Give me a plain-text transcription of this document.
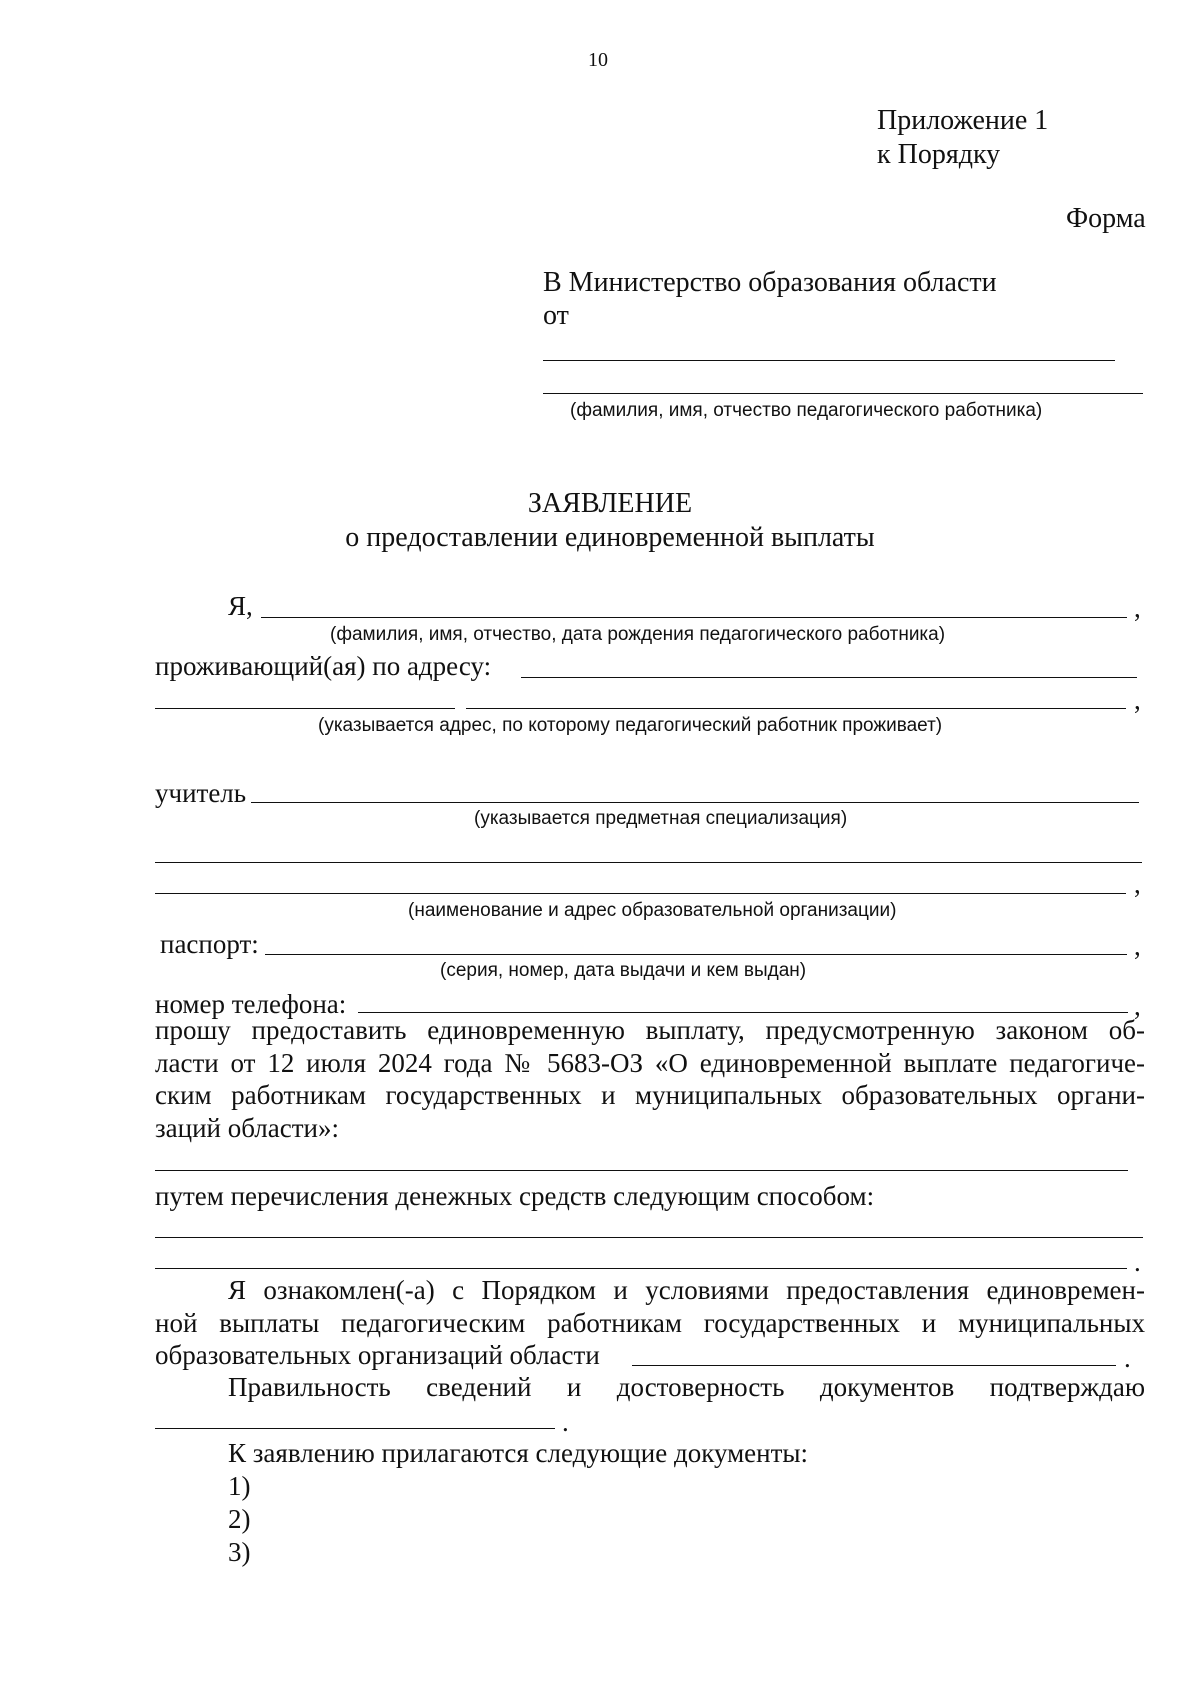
10
Приложение 1
к Порядку
Форма
В Министерство образования области
от
(фамилия, имя, отчество педагогического работника)
ЗАЯВЛЕНИЕ
о предоставлении единовременной выплаты
Я,	,
(фамилия, имя, отчество, дата рождения педагогического работника)
проживающий(ая) по адресу:
,
(указывается адрес, по которому педагогический работник проживает)
учитель
(указывается предметная специализация)
,
(наименование и адрес образовательной организации)
паспорт:	,
(серия, номер, дата выдачи и кем выдан)
номер телефона:	,
прошу предоставить единовременную выплату, предусмотренную законом об-
ласти от 12 июля 2024 года № 5683-ОЗ «О единовременной выплате педагогиче-
ским работникам государственных и муниципальных образовательных органи-
заций области»:
путем перечисления денежных средств следующим способом:
.
Я ознакомлен(-а) с Порядком и условиями предоставления единовремен-
ной выплаты педагогическим работникам государственных и муниципальных
образовательных организаций области	.
Правильность сведений и достоверность документов подтверждаю
.
К заявлению прилагаются следующие документы:
1)
2)
3)
